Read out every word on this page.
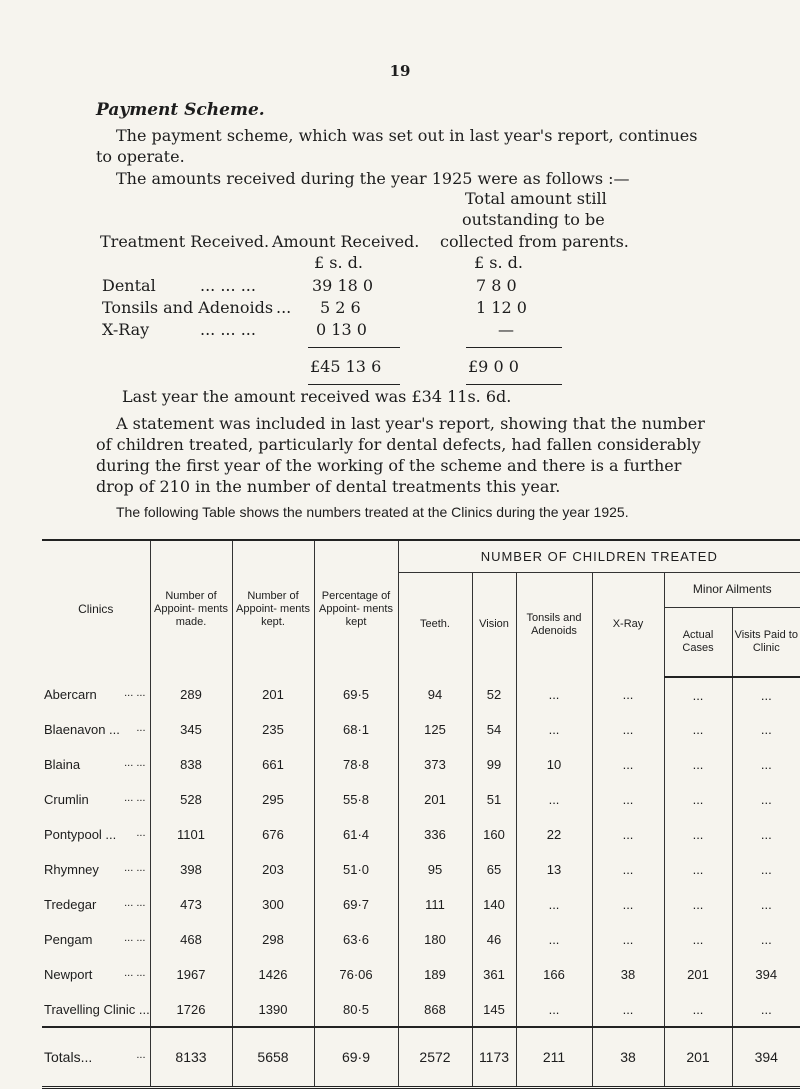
19
Payment Scheme.
The payment scheme, which was set out in last year's report, continues
to operate.
The amounts received during the year 1925 were as follows :—
Total amount still
outstanding to be
collected from parents.
Treatment Received. Amount Received.
£ s. d.	£ s. d.
Dental	... ... ...	39 18 0	7 8 0
Tonsils and Adenoids ... 5 2 6	1 12 0
X-Ray	... ... ...	0 13 0	—
£45 13 6	£9 0 0
Last year the amount received was £34 11s. 6d.
A statement was included in last year's report, showing that the number
of children treated, particularly for dental defects, had fallen considerably
during the first year of the working of the scheme and there is a further
drop of 210 in the number of dental treatments this year.
The following Table shows the numbers treated at the Clinics during the year 1925.
Clinics	Number of Appoint- ments made.	Number of Appoint- ments kept.	Percentage of Appoint- ments kept	NUMBER OF CHILDREN TREATED					
				Teeth.	Vision	Tonsils and Adenoids	X-Ray	Minor Ailments	
								Actual Cases	Visits Paid to Clinic
Abercarn ... ...	289	201	69·5	94	52	...	...	...	...
Blaenavon ... ...	345	235	68·1	125	54	...	...	...	...
Blaina ... ...	838	661	78·8	373	99	10	...	...	...
Crumlin ... ...	528	295	55·8	201	51	...	...	...	...
Pontypool ... ...	1101	676	61·4	336	160	22	...	...	...
Rhymney ... ...	398	203	51·0	95	65	13	...	...	...
Tredegar ... ...	473	300	69·7	111	140	...	...	...	...
Pengam ... ...	468	298	63·6	180	46	...	...	...	...
Newport ... ...	1967	1426	76·06	189	361	166	38	201	394
Travelling Clinic ...	1726	1390	80·5	868	145	...	...	...	...
Totals... ...	8133	5658	69·9	2572	1173	211	38	201	394
